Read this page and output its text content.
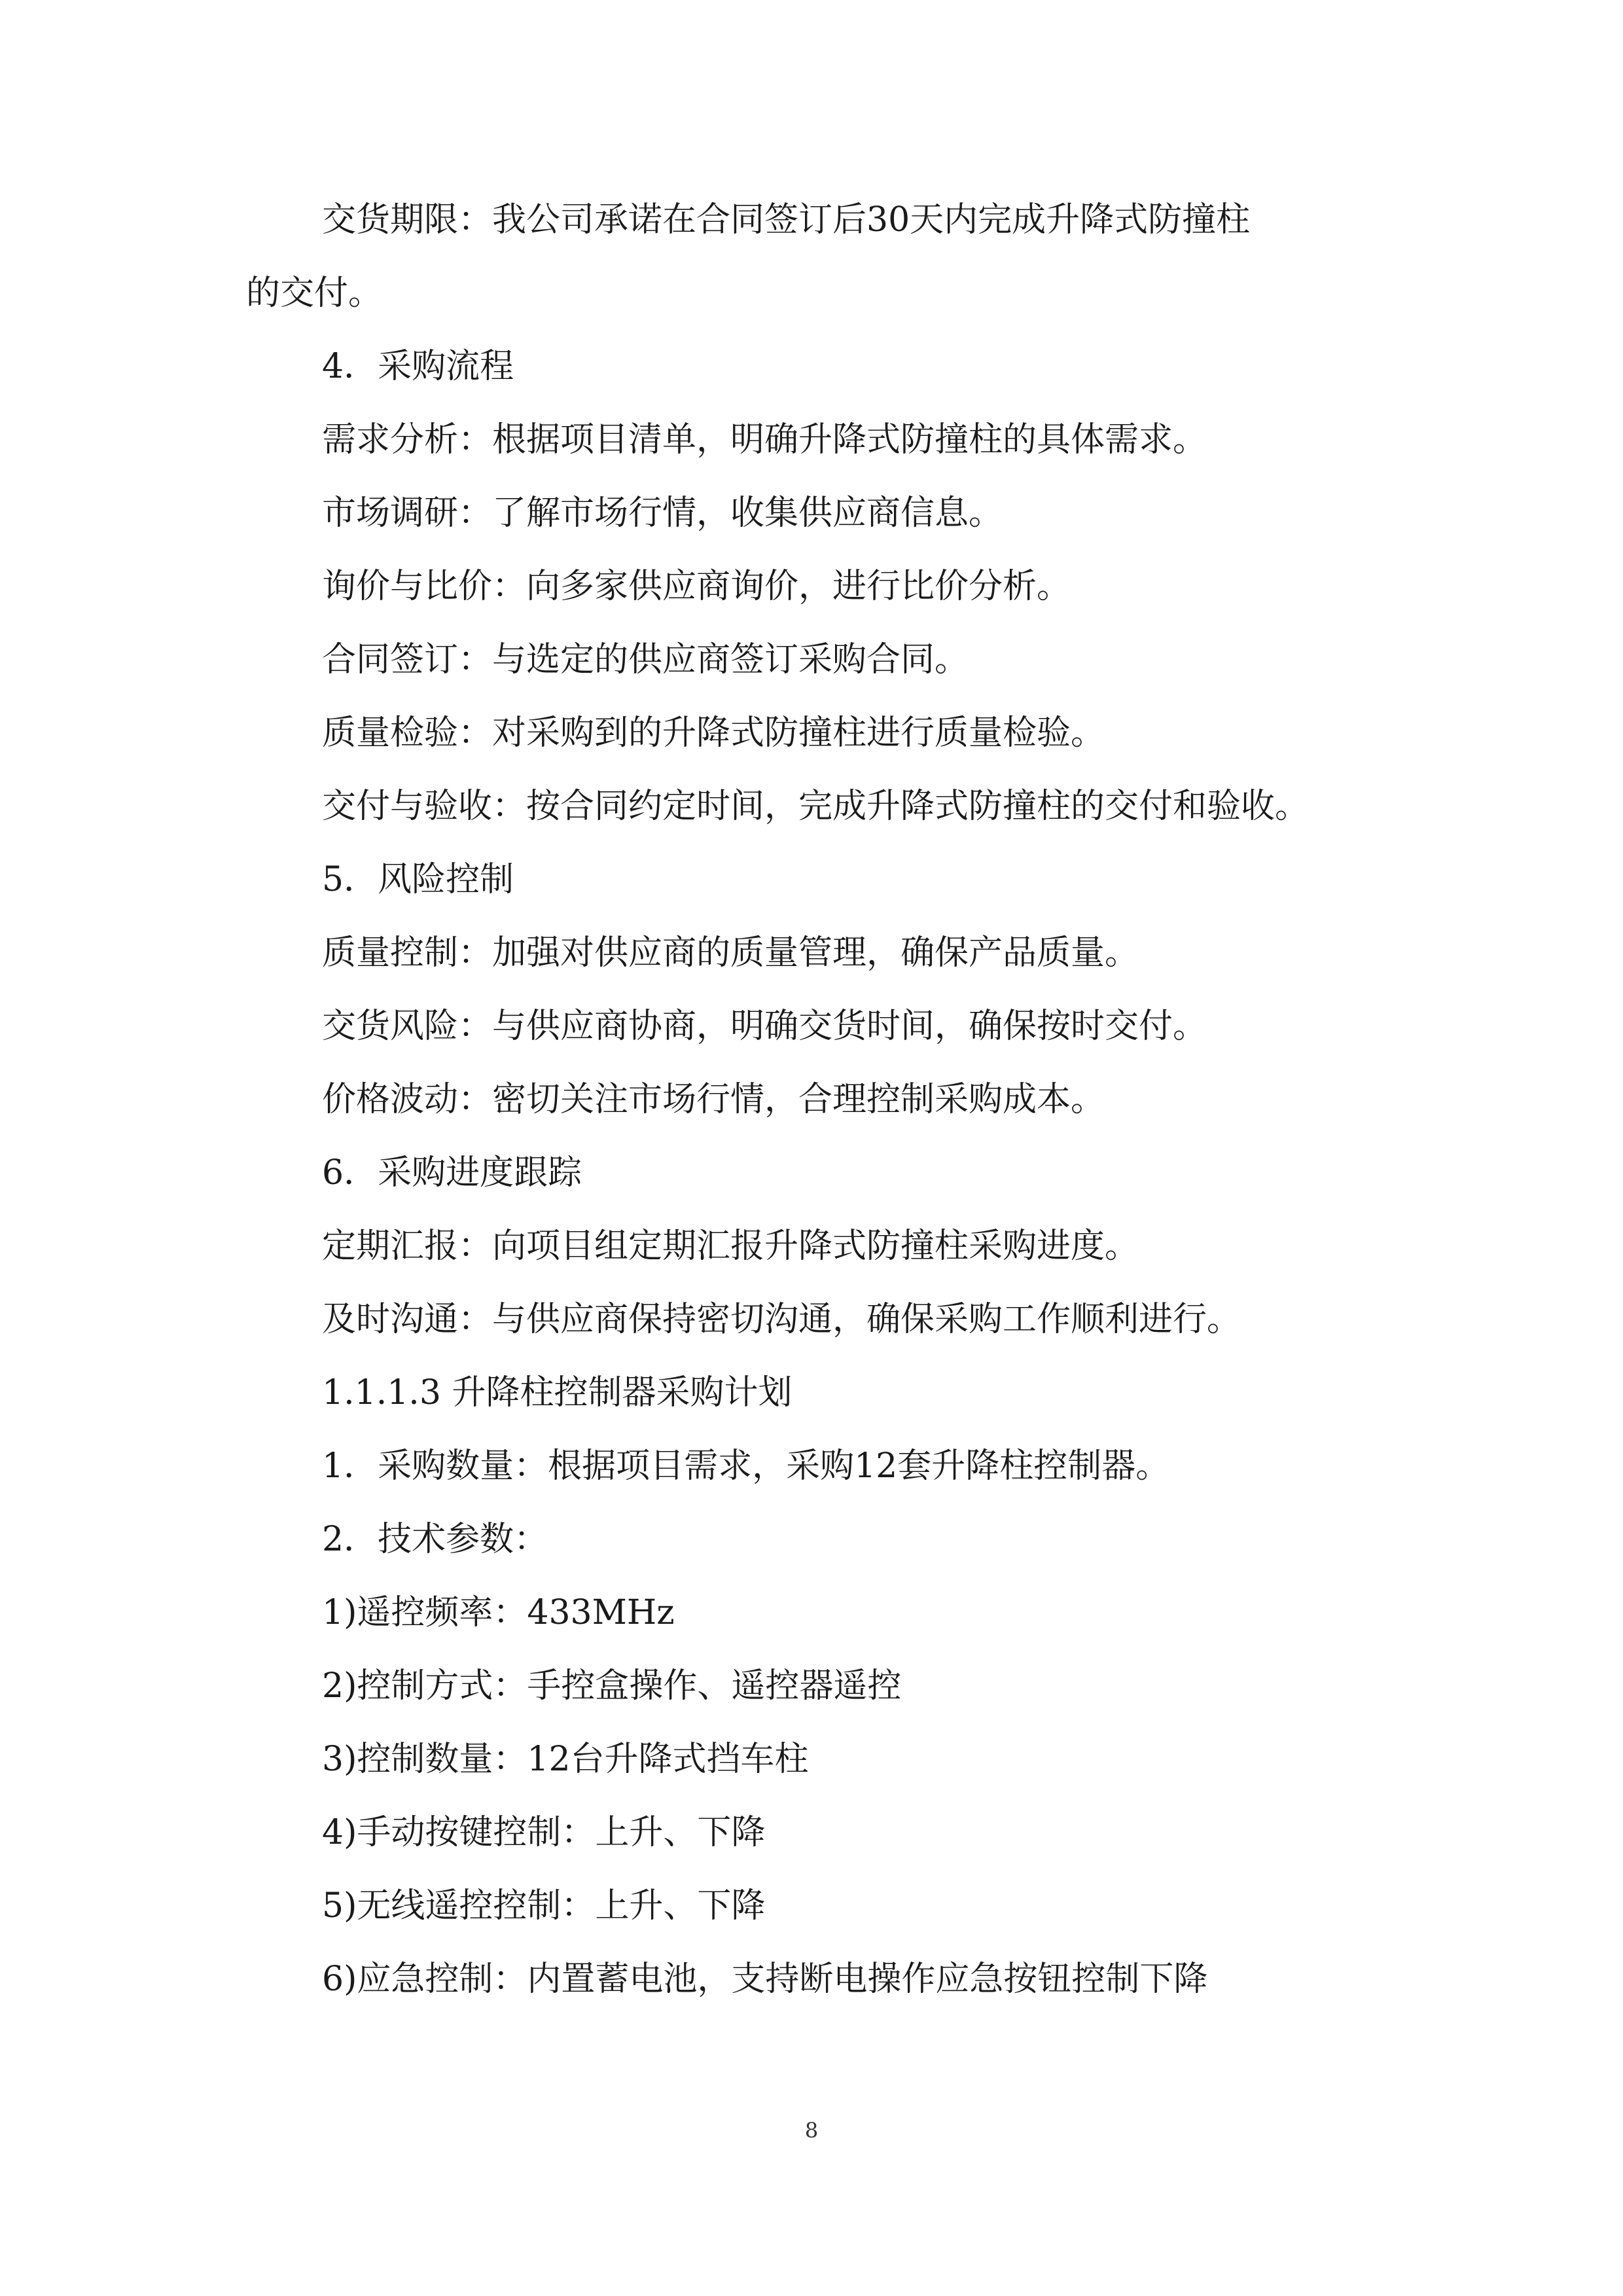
交货期限：我公司承诺在合同签订后30天内完成升降式防撞柱

的交付。

4．采购流程

需求分析：根据项目清单，明确升降式防撞柱的具体需求。

市场调研：了解市场行情，收集供应商信息。

询价与比价：向多家供应商询价，进行比价分析。

合同签订：与选定的供应商签订采购合同。

质量检验：对采购到的升降式防撞柱进行质量检验。

交付与验收：按合同约定时间，完成升降式防撞柱的交付和验收。

5．风险控制

质量控制：加强对供应商的质量管理，确保产品质量。

交货风险：与供应商协商，明确交货时间，确保按时交付。

价格波动：密切关注市场行情，合理控制采购成本。

6．采购进度跟踪

定期汇报：向项目组定期汇报升降式防撞柱采购进度。

及时沟通：与供应商保持密切沟通，确保采购工作顺利进行。

1.1.1.3 升降柱控制器采购计划

1．采购数量：根据项目需求，采购12套升降柱控制器。

2．技术参数：

1)遥控频率：433MHz

2)控制方式：手控盒操作、遥控器遥控

3)控制数量：12台升降式挡车柱

4)手动按键控制：上升、下降

5)无线遥控控制：上升、下降

6)应急控制：内置蓄电池，支持断电操作应急按钮控制下降

8
